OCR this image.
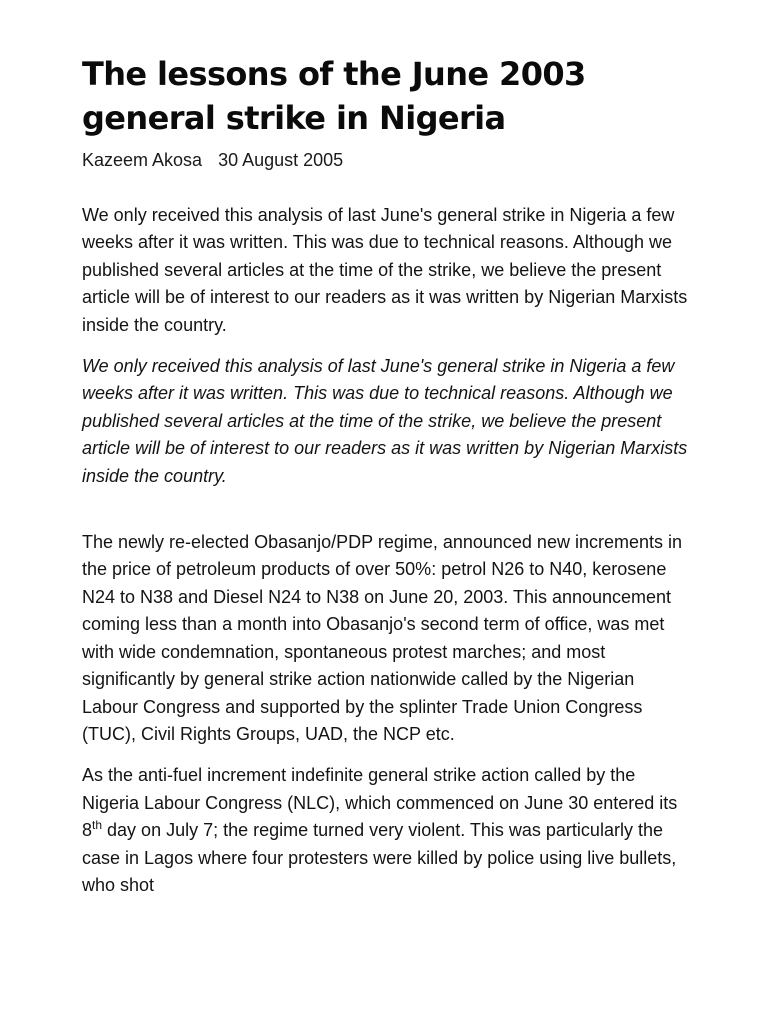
The lessons of the June 2003 general strike in Nigeria
Kazeem Akosa 30 August 2005

We only received this analysis of last June's general strike in Nigeria a few weeks after it was written. This was due to technical reasons. Although we published several articles at the time of the strike, we believe the present article will be of interest to our readers as it was written by Nigerian Marxists inside the country.

We only received this analysis of last June's general strike in Nigeria a few weeks after it was written. This was due to technical reasons. Although we published several articles at the time of the strike, we believe the present article will be of interest to our readers as it was written by Nigerian Marxists inside the country.

The newly re-elected Obasanjo/PDP regime, announced new increments in the price of petroleum products of over 50%: petrol N26 to N40, kerosene N24 to N38 and Diesel N24 to N38 on June 20, 2003. This announcement coming less than a month into Obasanjo's second term of office, was met with wide condemnation, spontaneous protest marches; and most significantly by general strike action nationwide called by the Nigerian Labour Congress and supported by the splinter Trade Union Congress (TUC), Civil Rights Groups, UAD, the NCP etc.

As the anti-fuel increment indefinite general strike action called by the Nigeria Labour Congress (NLC), which commenced on June 30 entered its 8th day on July 7; the regime turned very violent. This was particularly the case in Lagos where four protesters were killed by police using live bullets, who shot
